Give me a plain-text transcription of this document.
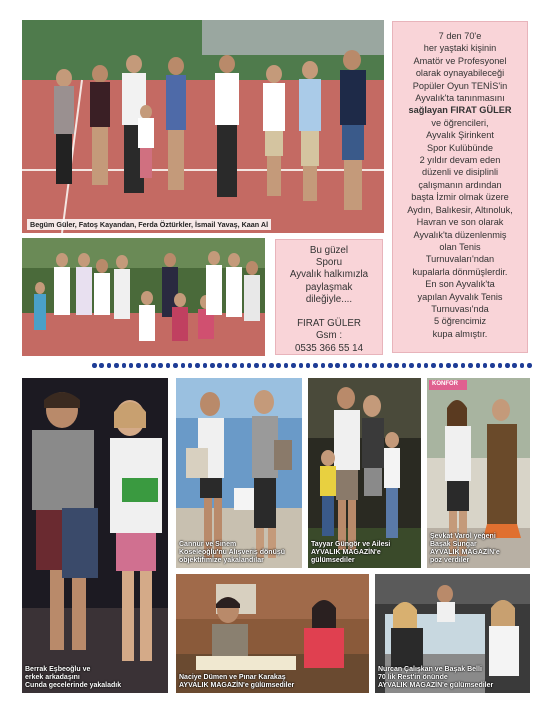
Begüm Güler, Fatoş Kayandan, Ferda Öztürkler, İsmail Yavaş, Kaan Al
7 den 70'e
her yaştaki kişinin
Amatör ve Profesyonel
olarak oynayabileceği
Popüler Oyun TENİS'in
Ayvalık'ta tanınmasını
sağlayan FIRAT GÜLER
ve öğrencileri,
Ayvalık Şirinkent
Spor Kulübünde
2 yıldır devam eden
düzenli ve disiplinli
çalışmanın ardından
başta İzmir olmak üzere
Aydın, Balıkesir, Altınoluk,
Havran ve son olarak
Ayvalık'ta düzenlenmiş
olan Tenis
Turnuvaları'ndan
kupalarla dönmüşlerdir.
En son Ayvalık'ta
yapılan Ayvalık Tenis
Turnuvası'nda
5 öğrencimiz
kupa almıştır.
Bu güzel
Sporu
Ayvalık halkımızla
paylaşmak
dileğiyle....

FIRAT GÜLER
Gsm :
0535 366 55 14
Berrak Eşbeoğlu ve
erkek arkadaşını
Cunda gecelerinde yakaladık
Cannur ve Sinem
Koseleoğlu'nu Alışveriş dönüşü
objektifimize yakalandılar
Tayyar Güngör ve Ailesi
AYVALIK MAGAZİN'e
gülümsediler
KONFOR
Şevkat Varol yeğeni
Başak Sungar
AYVALIK MAGAZİN'e
poz verdiler
Naciye Dümen ve Pınar Karakaş
AYVALIK MAGAZİN'e gülümsediler
Nurcan Çalışkan ve Başak Belli
70 lik Rest'in önünde
AYVALIK MAGAZİN'e gülümsediler
